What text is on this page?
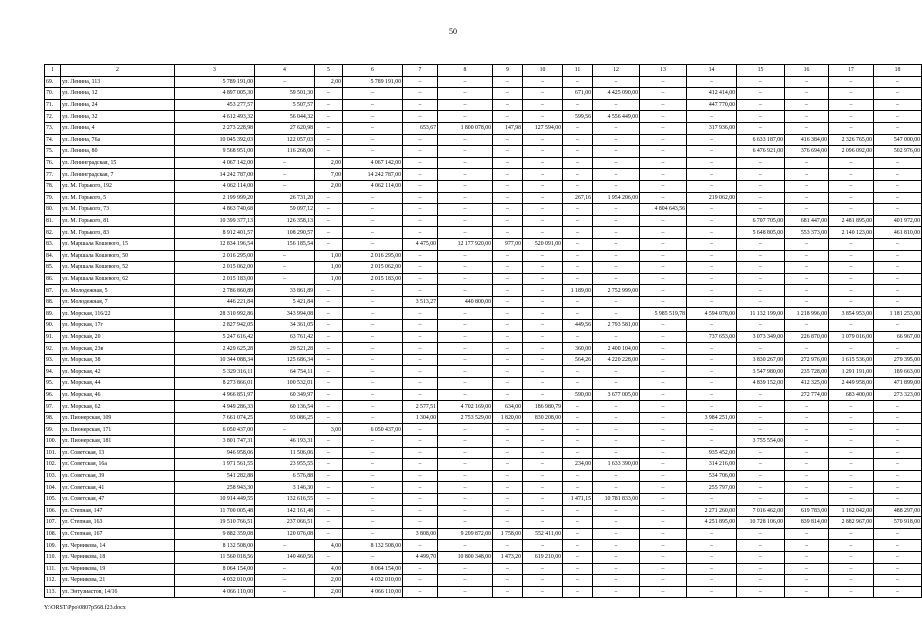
50
1	2	3	4	5	6	7	8	9	10	11	12	13	14	15	16	17	18
69.	ул. Ленина, 113	5 789 191,00	–	2,00	5 789 191,00	–	–	–	–	–	–	–	–	–	–	–	–
70.	ул. Ленина, 12	4 897 005,30	59 501,30	–	–	–	–	–	–	671,00	4 425 090,00	–	412 414,00	–	–	–	–
71.	ул. Ленина, 24	453 277,57	5 507,57	–	–	–	–	–	–	–	–	–	447 770,00	–	–	–	–
72.	ул. Ленина, 32	4 612 493,32	56 044,32	–	–	–	–	–	–	599,56	4 556 449,00	–	–	–	–	–	–
73.	ул. Ленина, 4	2 273 228,98	27 620,98	–	–	653,67	1 800 078,00	147,98	127 594,00	–	–	–	317 936,00	–	–	–	–
74.	ул. Ленина, 76а	10 045 392,03	122 057,03	–	–	–	–	–	–	–	–	–	–	6 633 187,00	416 384,00	2 326 765,00	547 000,00
75.	ул. Ленина, 80	9 568 951,00	116 268,00	–	–	–	–	–	–	–	–	–	–	6 476 921,00	376 694,00	2 096 092,00	502 976,00
76.	ул. Ленинградская, 15	4 067 142,00	–	2,00	4 067 142,00	–	–	–	–	–	–	–	–	–	–	–	–
77.	ул. Ленинградская, 7	14 242 787,00	–	7,00	14 242 787,00	–	–	–	–	–	–	–	–	–	–	–	–
78.	ул. М. Горького, 192	4 062 114,00	–	2,00	4 062 114,00	–	–	–	–	–	–	–	–	–	–	–	–
79.	ул. М. Горького, 5	2 199 999,20	26 731,20	–	–	–	–	–	–	267,16	1 954 206,00	–	219 062,00	–	–	–	–
80.	ул. М. Горького, 73	4 863 740,68	59 097,12	–	–	–	–	–	–	–	–	4 804 643,56	–	–	–	–	–
81.	ул. М. Горького, 81	10 399 377,13	126 358,13	–	–	–	–	–	–	–	–	–	–	6 707 705,00	681 447,00	2 481 895,00	401 972,00
82.	ул. М. Горького, 83	8 912 401,57	108 290,57	–	–	–	–	–	–	–	–	–	–	5 648 805,00	553 373,00	2 140 123,00	461 810,00
83.	ул. Маршала Кошевого, 15	12 834 196,54	156 185,54	–	–	4 475,00	12 177 920,00	977,00	520 091,00	–	–	–	–	–	–	–	–
84.	ул. Маршала Кошевого, 50	2 016 295,00	–	1,00	2 016 295,00	–	–	–	–	–	–	–	–	–	–	–	–
85.	ул. Маршала Кошевого, 52	2 015 062,00	–	1,00	2 015 062,00	–	–	–	–	–	–	–	–	–	–	–	–
86.	ул. Маршала Кошевого, 62	2 015 183,00	–	1,00	2 015 183,00	–	–	–	–	–	–	–	–	–	–	–	–
87.	ул. Молодежная, 5	2 786 860,89	33 861,89	–	–	–	–	–	–	1 189,00	2 752 999,00	–	–	–	–	–	–
88.	ул. Молодежная, 7	446 221,84	5 421,84	–	–	3 513,27	440 800,00	–	–	–	–	–	–	–	–	–	–
89.	ул. Морская, 116/22	28 310 992,86	343 994,08	–	–	–	–	–	–	–	–	5 985 519,78	4 594 078,00	11 132 199,00	1 218 996,00	3 854 953,00	1 181 253,00
90.	ул. Морская, 17г	2 827 942,05	34 361,05	–	–	–	–	–	–	449,56	2 793 581,00	–	–	–	–	–	–
91.	ул. Морская, 20	5 247 616,42	63 761,42	–	–	–	–	–	–	–	–	–	737 653,00	3 073 349,00	226 870,00	1 079 016,00	66 967,00
92.	ул. Морская, 23в	2 429 625,28	29 521,28	–	–	–	–	–	–	360,00	2 400 104,00	–	–	–	–	–	–
93.	ул. Морская, 38	10 344 088,34	125 686,34	–	–	–	–	–	–	564,26	4 220 228,00	–	–	3 830 267,00	272 976,00	1 615 536,00	279 395,00
94.	ул. Морская, 42	5 329 316,11	64 754,11	–	–	–	–	–	–	–	–	–	–	3 547 980,00	235 728,00	1 291 191,00	189 663,00
95.	ул. Морская, 44	8 273 866,01	100 532,01	–	–	–	–	–	–	–	–	–	–	4 839 152,00	412 325,00	2 449 958,00	471 899,00
96.	ул. Морская, 46	4 966 851,97	60 349,97	–	–	–	–	–	–	590,00	3 677 005,00	–	–	–	272 774,00	683 400,00	273 323,00
97.	ул. Морская, 62	4 949 286,33	60 136,54	–	–	2 577,51	4 702 169,00	634,00	186 980,79	–	–	–	–	–	–	–	–
98.	ул. Пионерская, 109	7 661 074,25	93 086,25	–	–	1 304,00	2 753 529,00	1 820,00	830 208,00	–	–	–	3 984 251,00	–	–	–	–
99.	ул. Пионерская, 171	6 050 437,00	–	3,00	6 050 437,00	–	–	–	–	–	–	–	–	–	–	–	–
100.	ул. Пионерская, 181	3 801 747,31	46 193,31	–	–	–	–	–	–	–	–	–	–	3 755 554,00	–	–	–
101.	ул. Советская, 13	946 958,06	11 506,06	–	–	–	–	–	–	–	–	–	935 452,00	–	–	–	–
102.	ул. Советская, 16а	1 971 561,55	23 955,55	–	–	–	–	–	–	234,00	1 633 390,00	–	314 216,00	–	–	–	–
103.	ул. Советская, 39	541 282,88	6 576,88	–	–	–	–	–	–	–	–	–	534 706,00	–	–	–	–
104.	ул. Советская, 41	258 943,30	3 146,30	–	–	–	–	–	–	–	–	–	255 797,00	–	–	–	–
105.	ул. Советская, 47	10 914 449,55	132 616,55	–	–	–	–	–	–	1 471,15	10 781 833,00	–	–	–	–	–	–
106.	ул. Степная, 147	11 700 005,48	142 161,48	–	–	–	–	–	–	–	–	–	2 271 260,00	7 016 462,00	619 783,00	1 162 042,00	488 297,00
107.	ул. Степная, 163	19 510 766,51	237 066,51	–	–	–	–	–	–	–	–	–	4 251 895,00	10 728 106,00	839 814,00	2 882 967,00	570 918,00
108.	ул. Степная, 167	9 882 359,08	120 076,08	–	–	3 808,00	9 209 872,00	1 758,00	552 411,00	–	–	–	–	–	–	–	–
109.	ул. Черникова, 14	8 132 508,00	–	4,00	8 132 508,00	–	–	–	–	–	–	–	–	–	–	–	–
110.	ул. Черникова, 18	11 560 018,56	140 460,56	–	–	4 499,70	10 800 348,00	1 473,20	619 210,00	–	–	–	–	–	–	–	–
111.	ул. Черникова, 19	8 064 154,00	–	4,00	8 064 154,00	–	–	–	–	–	–	–	–	–	–	–	–
112.	ул. Черникова, 21	4 032 010,00	–	2,00	4 032 010,00	–	–	–	–	–	–	–	–	–	–	–	–
113.	ул. Энтузиастов, 14/16	4 066 110,00	–	2,00	4 066 110,00	–	–	–	–	–	–	–	–	–	–	–	–
Y:\ORST\Ppo\0807p568.f23.docx
